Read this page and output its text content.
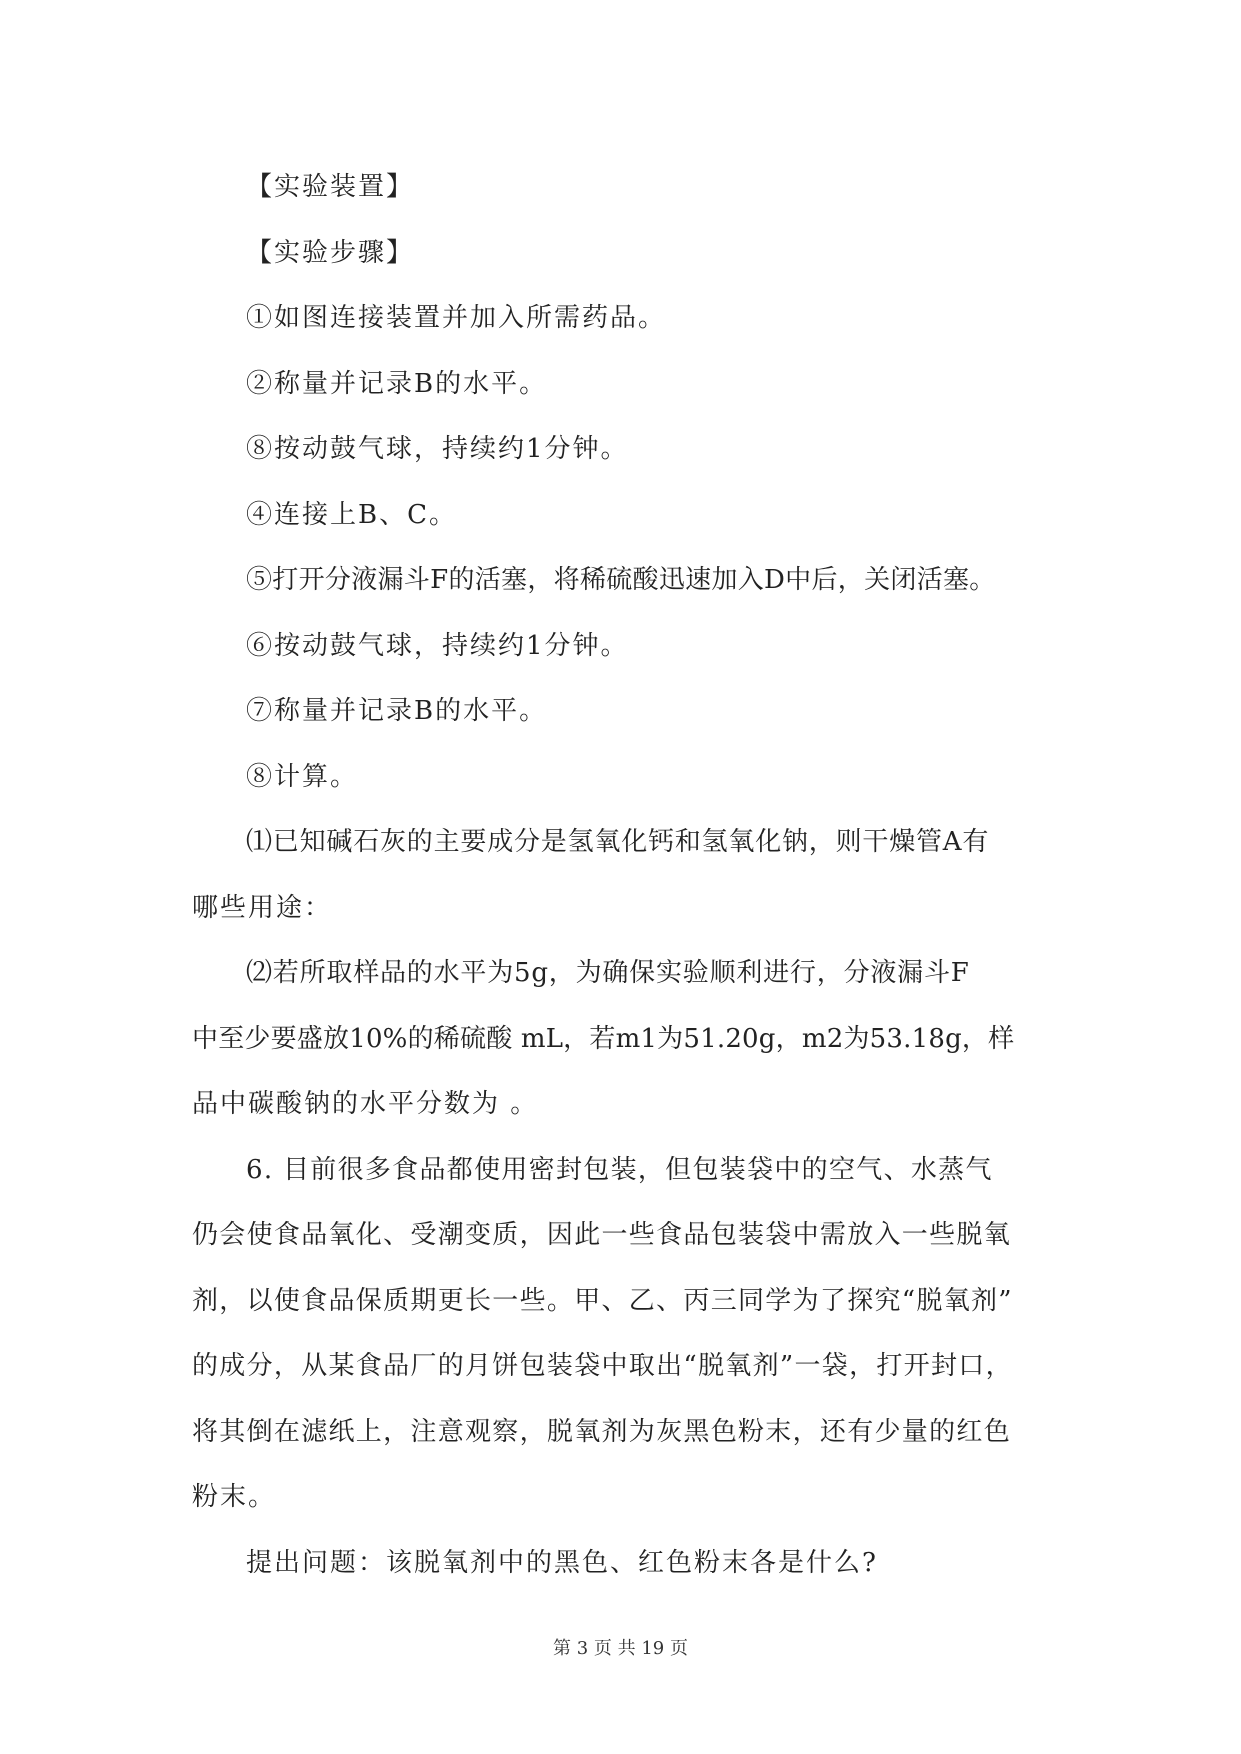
【实验装置】
【实验步骤】
①如图连接装置并加入所需药品。
②称量并记录B的水平。
⑧按动鼓气球，持续约1分钟。
④连接上B、C。
⑤打开分液漏斗F的活塞，将稀硫酸迅速加入D中后，关闭活塞。
⑥按动鼓气球，持续约1分钟。
⑦称量并记录B的水平。
⑧计算。
⑴已知碱石灰的主要成分是氢氧化钙和氢氧化钠，则干燥管A有
哪些用途：
⑵若所取样品的水平为5g，为确保实验顺利进行，分液漏斗F
中至少要盛放10%的稀硫酸 mL，若m1为51.20g，m2为53.18g，样
品中碳酸钠的水平分数为 。
6. 目前很多食品都使用密封包装，但包装袋中的空气、水蒸气
仍会使食品氧化、受潮变质，因此一些食品包装袋中需放入一些脱氧
剂，以使食品保质期更长一些。甲、乙、丙三同学为了探究“脱氧剂”
的成分，从某食品厂的月饼包装袋中取出“脱氧剂”一袋，打开封口，
将其倒在滤纸上，注意观察，脱氧剂为灰黑色粉末，还有少量的红色
粉末。
提出问题：该脱氧剂中的黑色、红色粉末各是什么?
第 3 页 共 19 页
